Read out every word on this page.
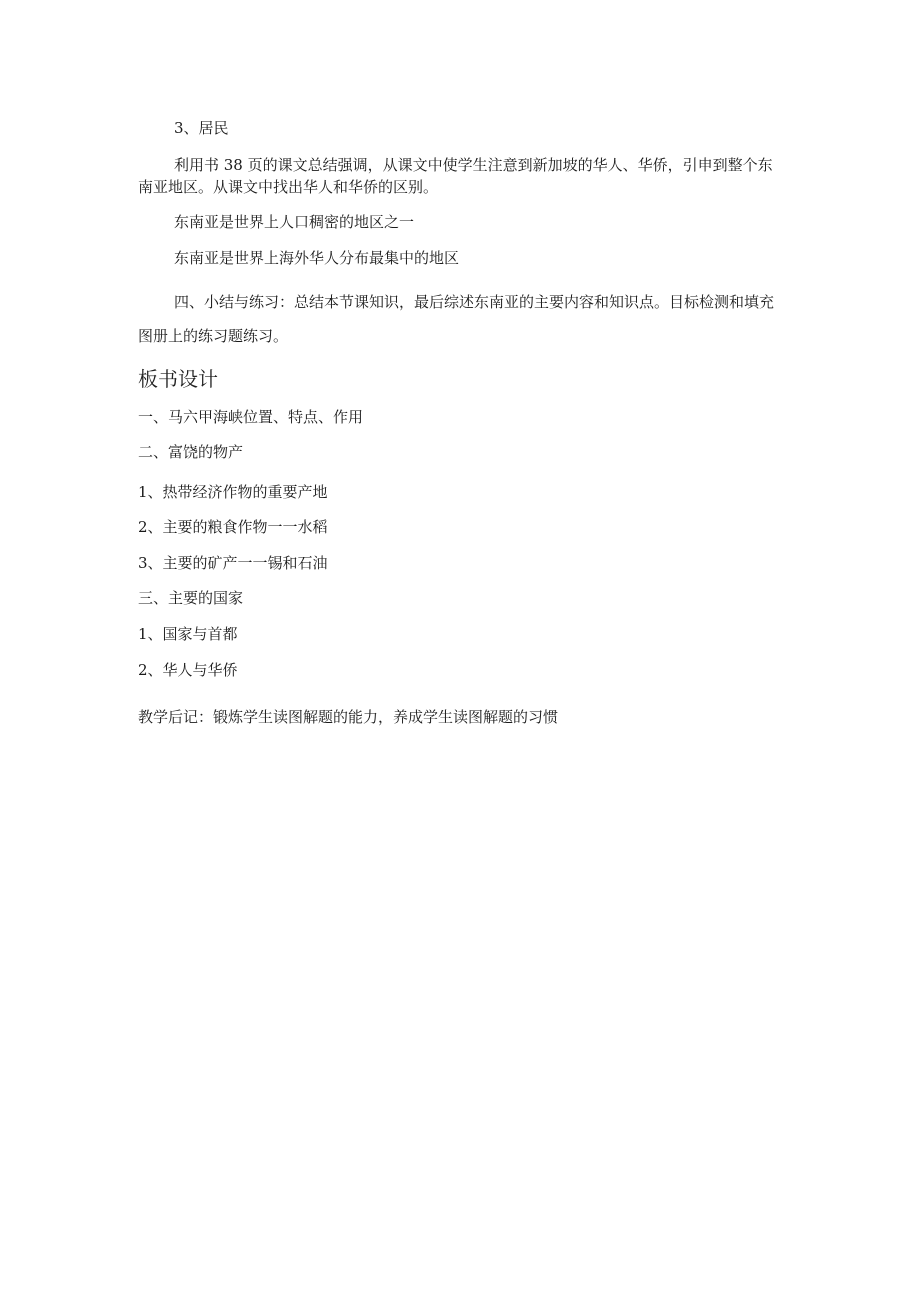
3、居民
利用书 38 页的课文总结强调，从课文中使学生注意到新加坡的华人、华侨，引申到整个东南亚地区。从课文中找出华人和华侨的区别。
东南亚是世界上人口稠密的地区之一
东南亚是世界上海外华人分布最集中的地区
四、小结与练习：总结本节课知识，最后综述东南亚的主要内容和知识点。目标检测和填充图册上的练习题练习。
板书设计
一、马六甲海峡位置、特点、作用
二、富饶的物产
1、热带经济作物的重要产地
2、主要的粮食作物一一水稻
3、主要的矿产一一锡和石油
三、主要的国家
1、国家与首都
2、华人与华侨
教学后记：锻炼学生读图解题的能力，养成学生读图解题的习惯
